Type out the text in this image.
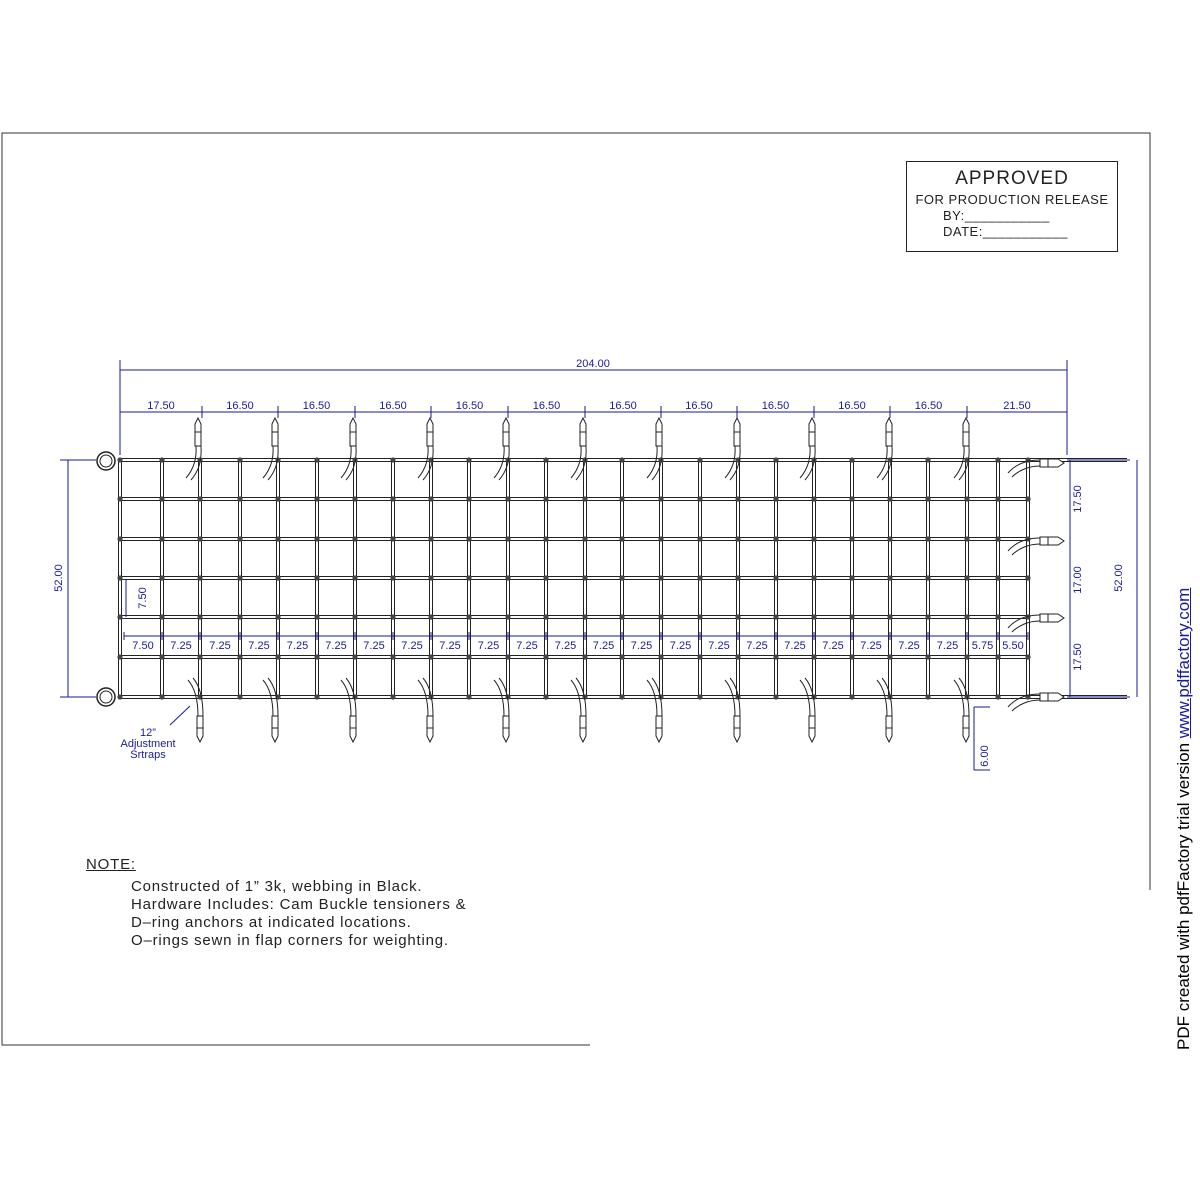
17.50	16.50	16.50	16.50	16.50	16.50	16.50	16.50	16.50	16.50	16.50	21.50
7.50 7.25 7.25 7.25 7.25 7.25 7.25 7.25 7.25 7.25 7.25 7.25 7.25 7.25 7.25 7.25 7.25 7.25 7.25 7.25 7.25 7.25 5.75 5.50
7.50
204.00
52.00	52.00
17.50
17.00
17.50
6.00
12”
Adjustment
Srtraps
APPROVED
FOR PRODUCTION RELEASE
BY:___________
DATE:___________
NOTE:
Constructed of 1” 3k, webbing in Black.
Hardware Includes: Cam Buckle tensioners &
D–ring anchors at indicated locations.
O–rings sewn in flap corners for weighting.	PDF created with pdfFactory trial version www.pdffactory.com
